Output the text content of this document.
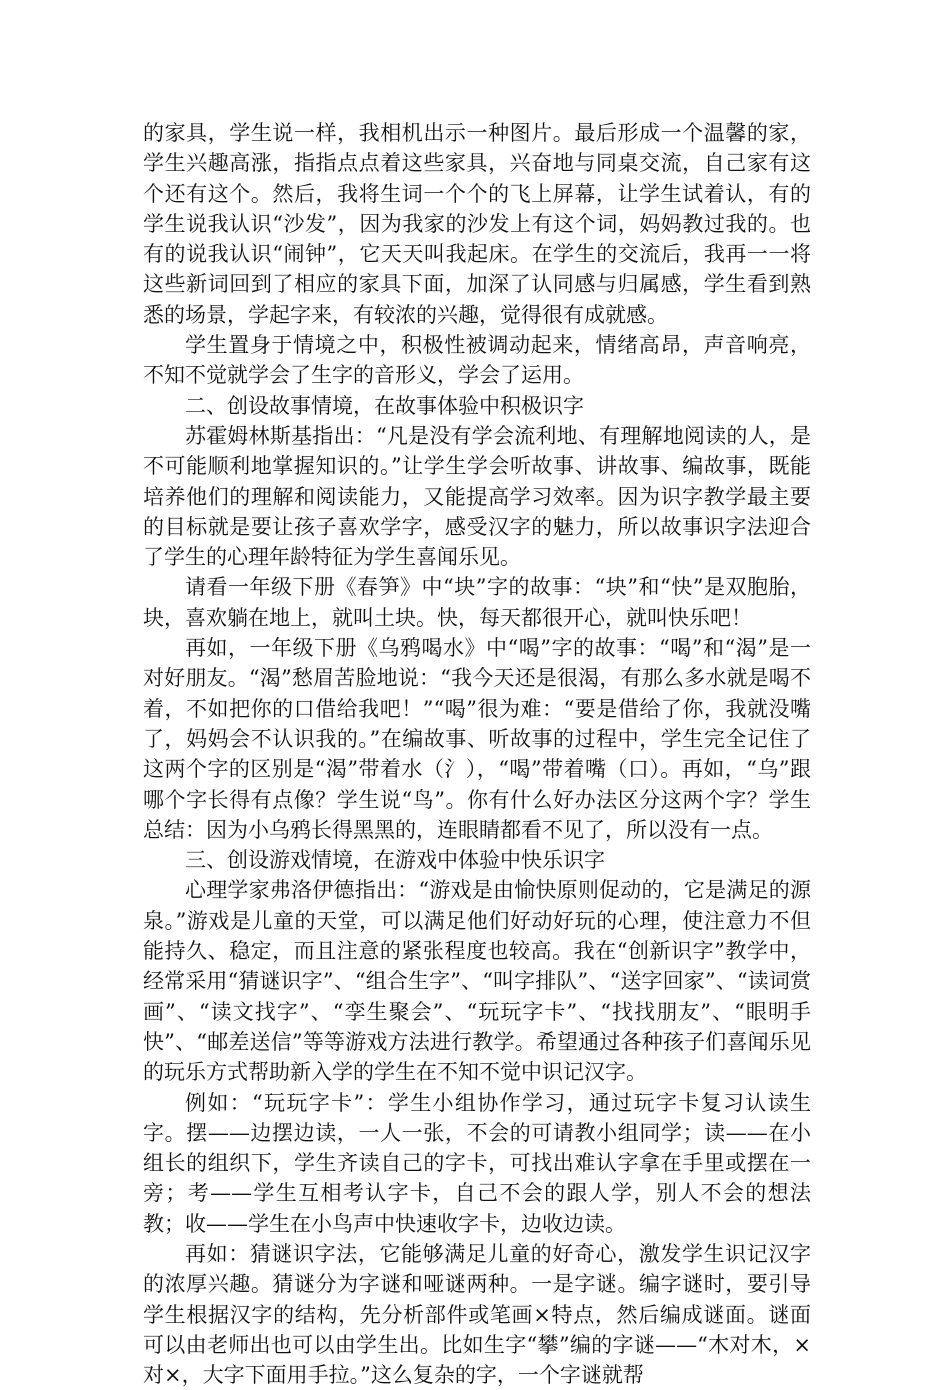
的家具，学生说一样，我相机出示一种图片。最后形成一个温馨的家，学生兴趣高涨，指指点点着这些家具，兴奋地与同桌交流，自己家有这个还有这个。然后，我将生词一个个的飞上屏幕，让学生试着认，有的学生说我认识“沙发”，因为我家的沙发上有这个词，妈妈教过我的。也有的说我认识“闹钟”，它天天叫我起床。在学生的交流后，我再一一将这些新词回到了相应的家具下面，加深了认同感与归属感，学生看到熟悉的场景，学起字来，有较浓的兴趣，觉得很有成就感。

学生置身于情境之中，积极性被调动起来，情绪高昂，声音响亮，不知不觉就学会了生字的音形义，学会了运用。

二、创设故事情境，在故事体验中积极识字

苏霍姆林斯基指出：“凡是没有学会流利地、有理解地阅读的人，是不可能顺利地掌握知识的。”让学生学会听故事、讲故事、编故事，既能培养他们的理解和阅读能力，又能提高学习效率。因为识字教学最主要的目标就是要让孩子喜欢学字，感受汉字的魅力，所以故事识字法迎合了学生的心理年龄特征为学生喜闻乐见。

请看一年级下册《春笋》中“块”字的故事：“块”和“快”是双胞胎，块，喜欢躺在地上，就叫土块。快，每天都很开心，就叫快乐吧！

再如，一年级下册《乌鸦喝水》中“喝”字的故事：“喝”和“渴”是一对好朋友。“渴”愁眉苦脸地说：“我今天还是很渴，有那么多水就是喝不着，不如把你的口借给我吧！”“喝”很为难：“要是借给了你，我就没嘴了，妈妈会不认识我的。”在编故事、听故事的过程中，学生完全记住了这两个字的区别是“渴”带着水（氵），“喝”带着嘴（口）。再如，“乌”跟哪个字长得有点像？学生说“鸟”。你有什么好办法区分这两个字？学生总结：因为小乌鸦长得黑黑的，连眼睛都看不见了，所以没有一点。

三、创设游戏情境，在游戏中体验中快乐识字

心理学家弗洛伊德指出：“游戏是由愉快原则促动的，它是满足的源泉。”游戏是儿童的天堂，可以满足他们好动好玩的心理，使注意力不但能持久、稳定，而且注意的紧张程度也较高。我在“创新识字”教学中，经常采用“猜谜识字”、“组合生字”、“叫字排队”、“送字回家”、“读词赏画”、“读文找字”、“孪生聚会”、“玩玩字卡”、“找找朋友”、“眼明手快”、“邮差送信”等等游戏方法进行教学。希望通过各种孩子们喜闻乐见的玩乐方式帮助新入学的学生在不知不觉中识记汉字。

例如：“玩玩字卡”：学生小组协作学习，通过玩字卡复习认读生字。摆——边摆边读，一人一张，不会的可请教小组同学；读——在小组长的组织下，学生齐读自己的字卡，可找出难认字拿在手里或摆在一旁；考——学生互相考认字卡，自己不会的跟人学，别人不会的想法教；收——学生在小鸟声中快速收字卡，边收边读。

再如：猜谜识字法，它能够满足儿童的好奇心，激发学生识记汉字的浓厚兴趣。猜谜分为字谜和哑谜两种。一是字谜。编字谜时，要引导学生根据汉字的结构，先分析部件或笔画×特点，然后编成谜面。谜面可以由老师出也可以由学生出。比如生字“攀”编的字谜——“木对木，×对×，大字下面用手拉。”这么复杂的字，一个字谜就帮
